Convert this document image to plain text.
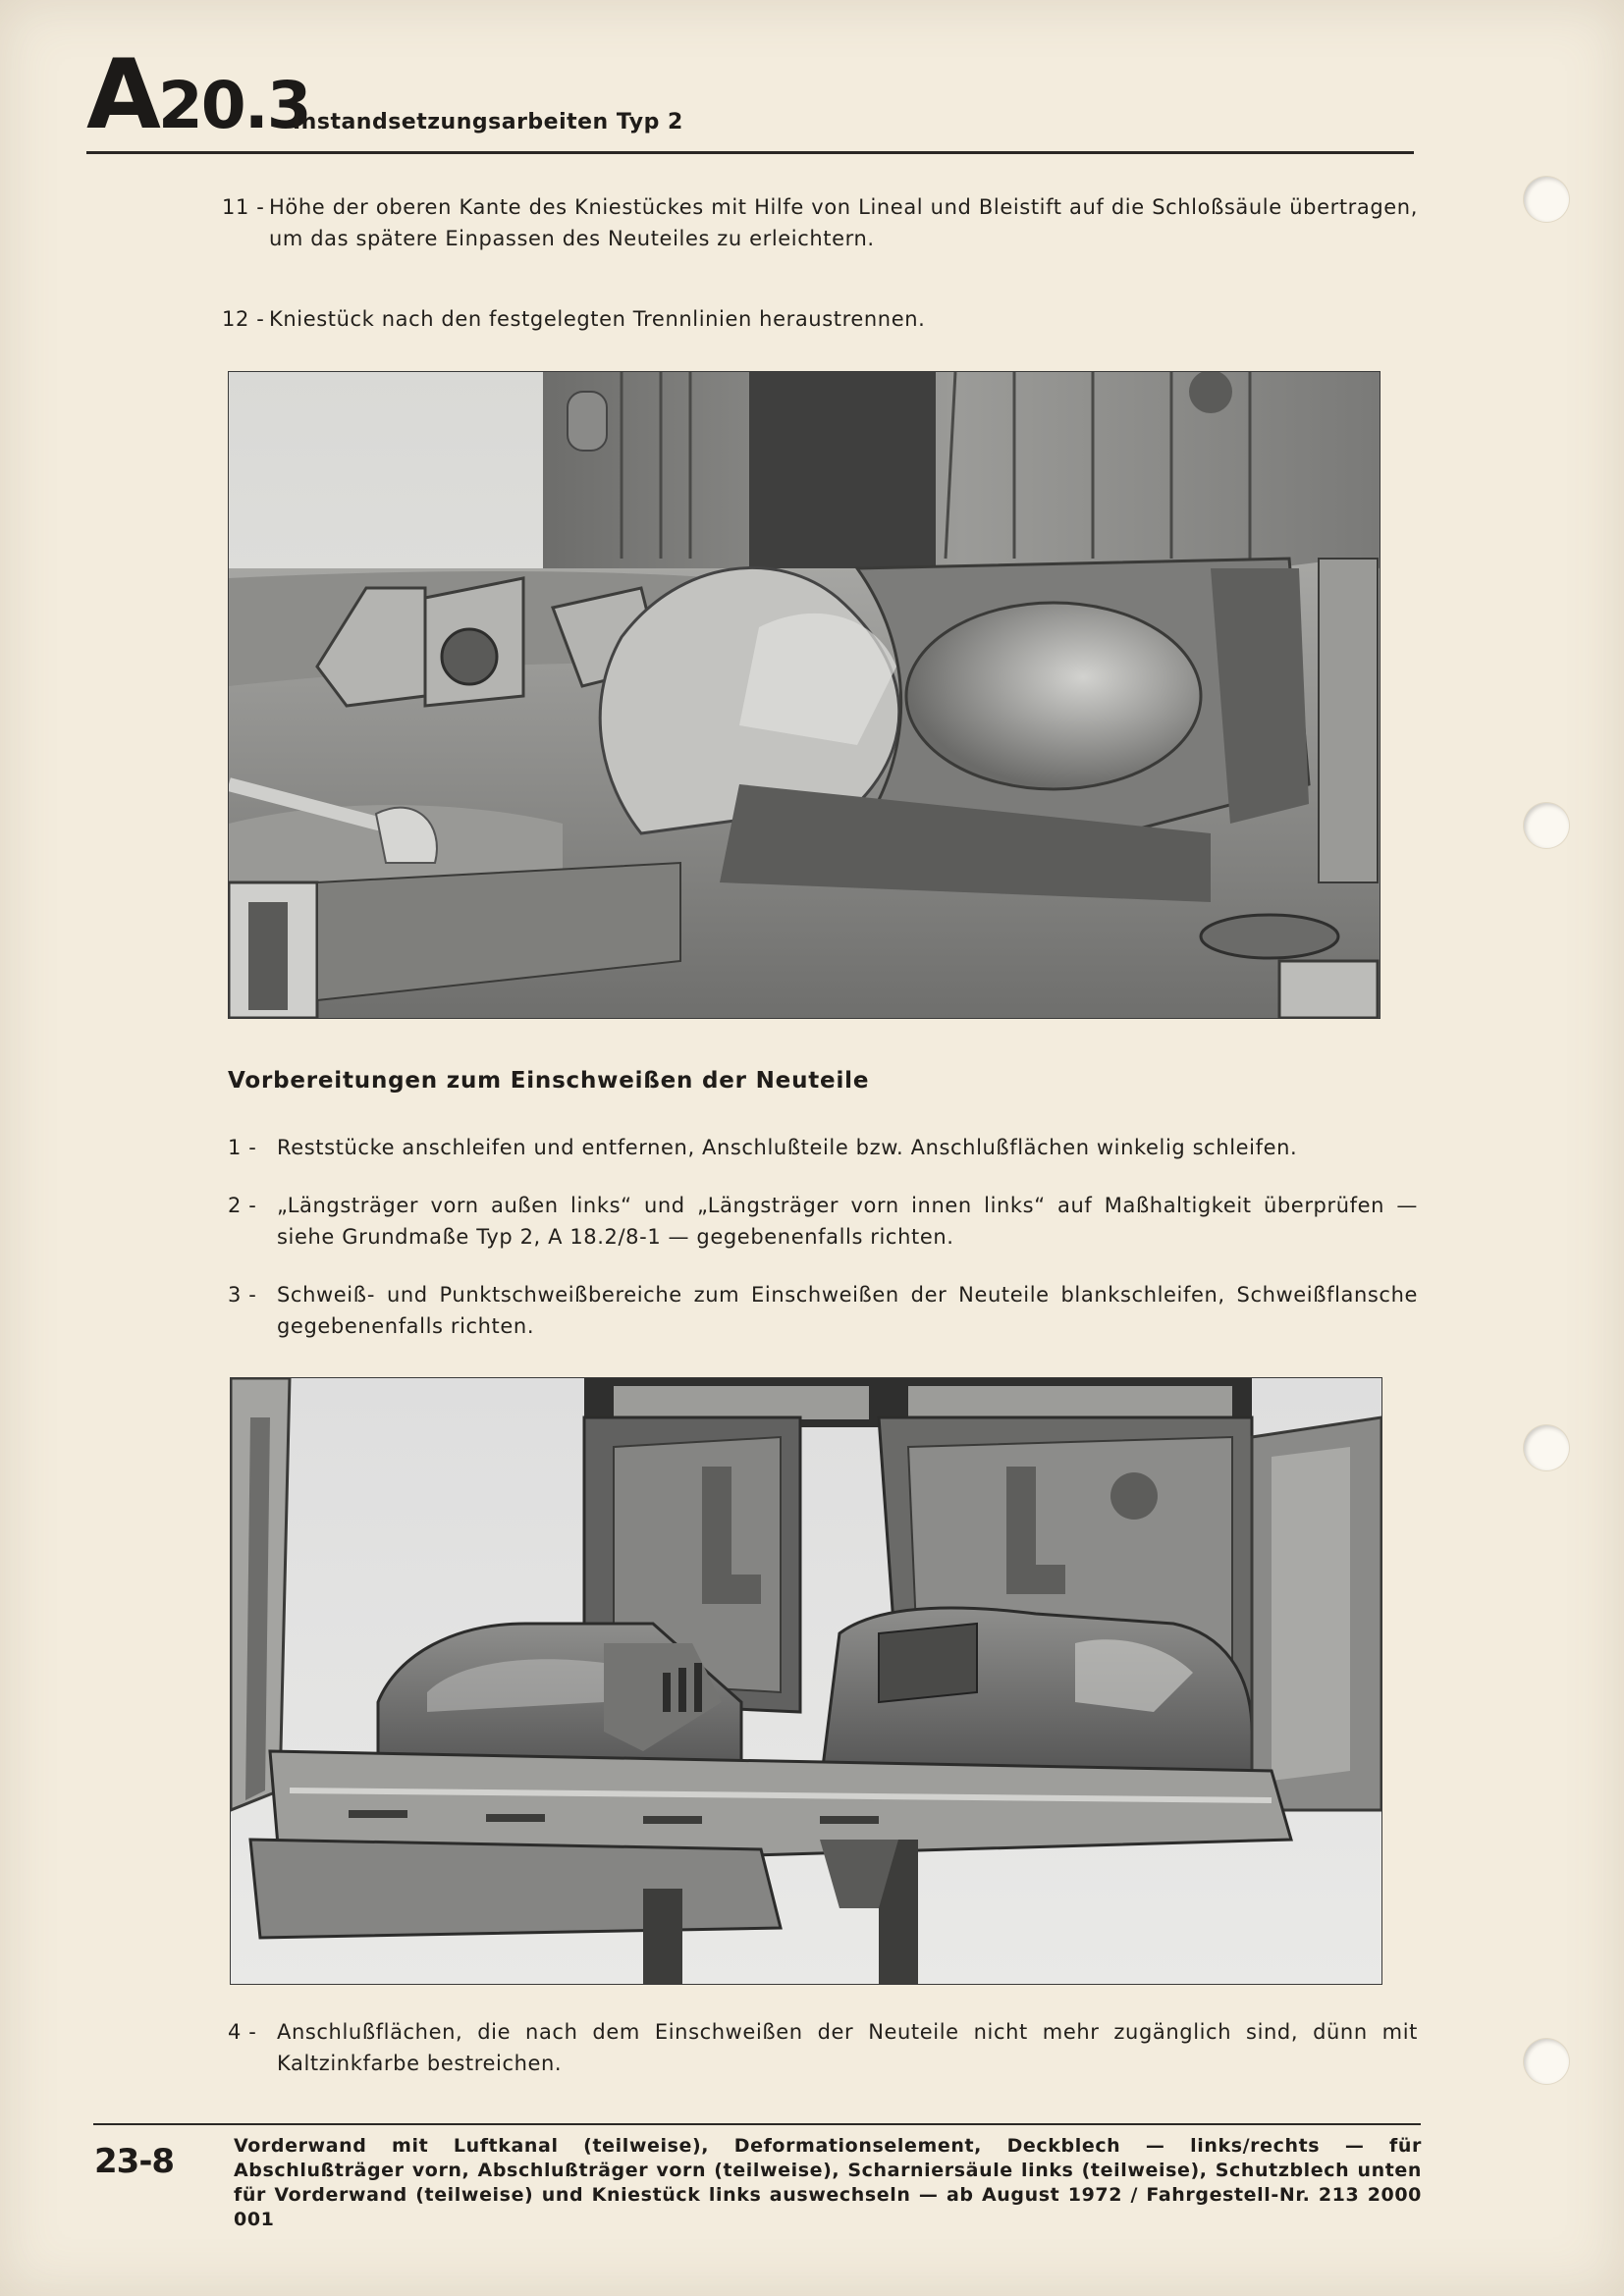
A20.3
Instandsetzungsarbeiten Typ 2
11 - Höhe der oberen Kante des Kniestückes mit Hilfe von Lineal und Bleistift auf die Schloßsäule übertragen, um das spätere Einpassen des Neuteiles zu erleichtern.
12 - Kniestück nach den festgelegten Trennlinien heraustrennen.
Vorbereitungen zum Einschweißen der Neuteile
1 - Reststücke anschleifen und entfernen, Anschlußteile bzw. Anschlußflächen winkelig schleifen.
2 - „Längsträger vorn außen links“ und „Längsträger vorn innen links“ auf Maßhaltigkeit überprüfen — siehe Grundmaße Typ 2, A 18.2/8-1 — gegebenenfalls richten.
3 - Schweiß- und Punktschweißbereiche zum Einschweißen der Neuteile blankschleifen, Schweißflansche gegebenenfalls richten.
4 - Anschlußflächen, die nach dem Einschweißen der Neuteile nicht mehr zugänglich sind, dünn mit Kaltzinkfarbe bestreichen.
23-8	Vorderwand mit Luftkanal (teilweise), Deformationselement, Deckblech — links/rechts — für Abschlußträger vorn, Abschlußträger vorn (teilweise), Scharniersäule links (teilweise), Schutzblech unten für Vorderwand (teilweise) und Kniestück links auswechseln — ab August 1972 / Fahrgestell-Nr. 213 2000 001
